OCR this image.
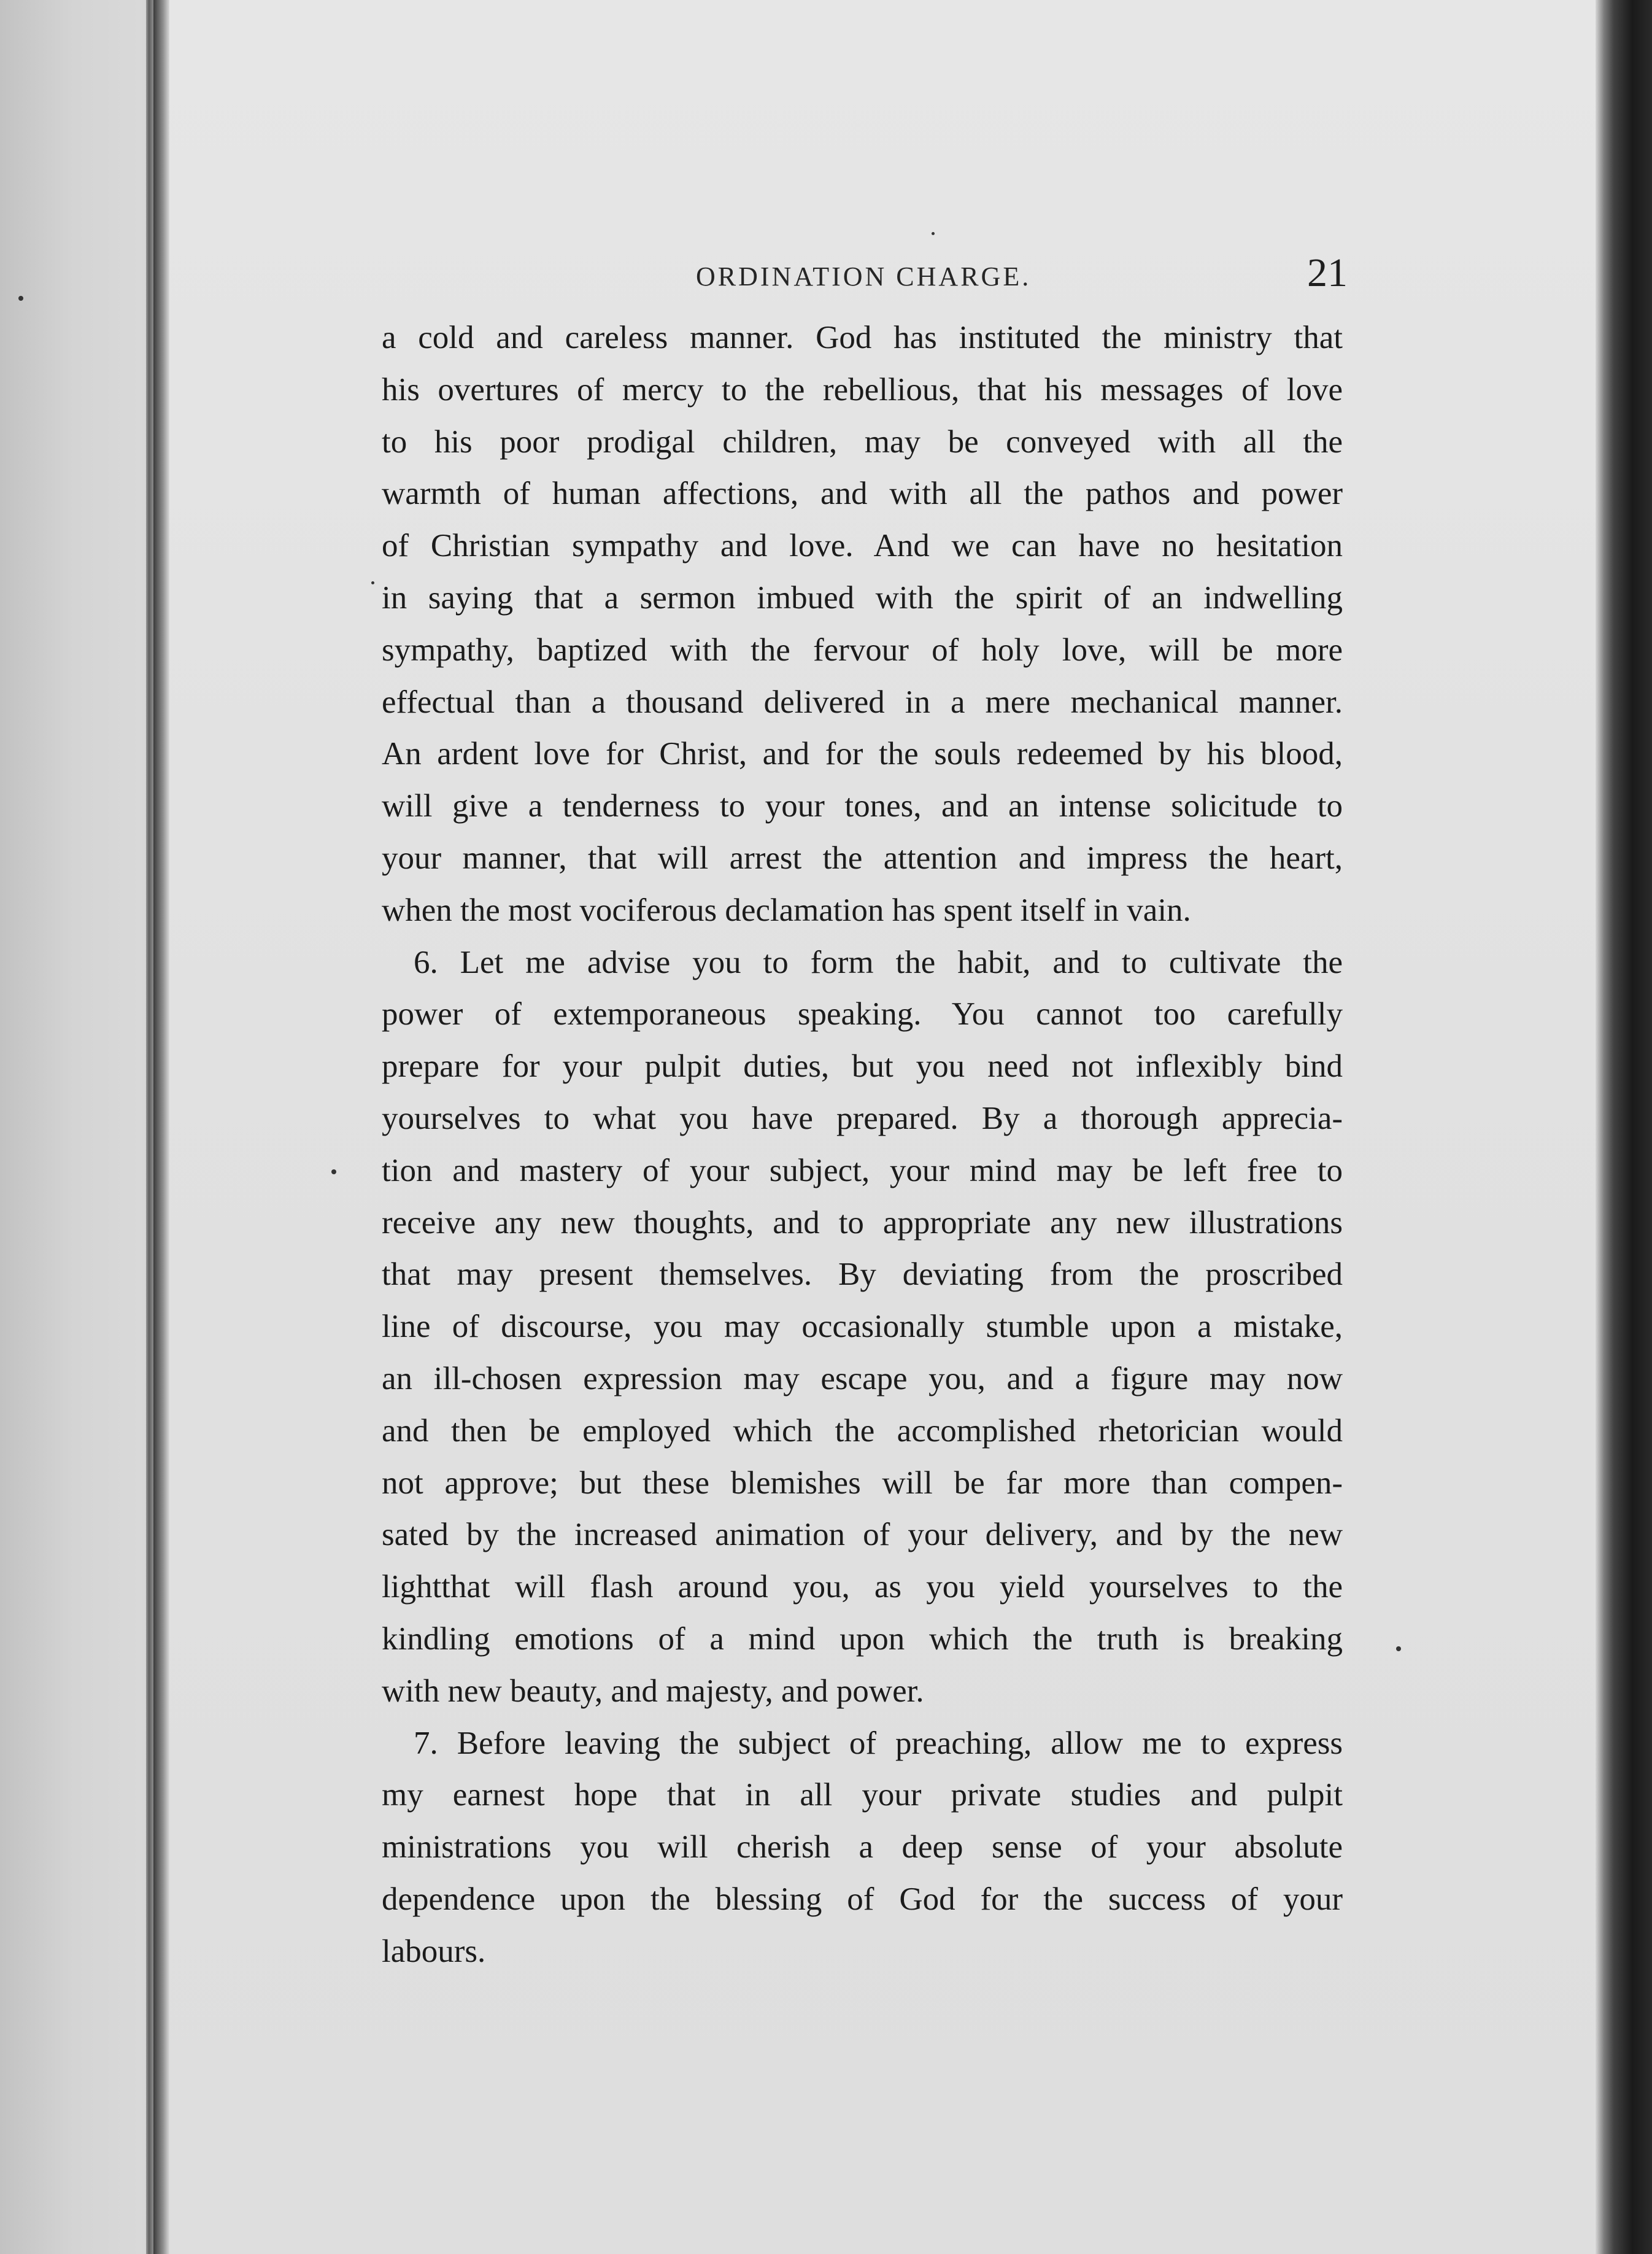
ORDINATION CHARGE.	21
a cold and careless manner. God has instituted the ministry that
his overtures of mercy to the rebellious, that his messages of love
to his poor prodigal children, may be conveyed with all the
warmth of human affections, and with all the pathos and power
of Christian sympathy and love. And we can have no hesitation
in saying that a sermon imbued with the spirit of an indwelling
sympathy, baptized with the fervour of holy love, will be more
effectual than a thousand delivered in a mere mechanical manner.
An ardent love for Christ, and for the souls redeemed by his blood,
will give a tenderness to your tones, and an intense solicitude to
your manner, that will arrest the attention and impress the heart,
when the most vociferous declamation has spent itself in vain.
6. Let me advise you to form the habit, and to cultivate the
power of extemporaneous speaking. You cannot too carefully
prepare for your pulpit duties, but you need not inflexibly bind
yourselves to what you have prepared. By a thorough apprecia-
tion and mastery of your subject, your mind may be left free to
receive any new thoughts, and to appropriate any new illustrations
that may present themselves. By deviating from the proscribed
line of discourse, you may occasionally stumble upon a mistake,
an ill-chosen expression may escape you, and a figure may now
and then be employed which the accomplished rhetorician would
not approve; but these blemishes will be far more than compen-
sated by the increased animation of your delivery, and by the new
lightthat will flash around you, as you yield yourselves to the
kindling emotions of a mind upon which the truth is breaking
with new beauty, and majesty, and power.
7. Before leaving the subject of preaching, allow me to express
my earnest hope that in all your private studies and pulpit
ministrations you will cherish a deep sense of your absolute
dependence upon the blessing of God for the success of your
labours.
